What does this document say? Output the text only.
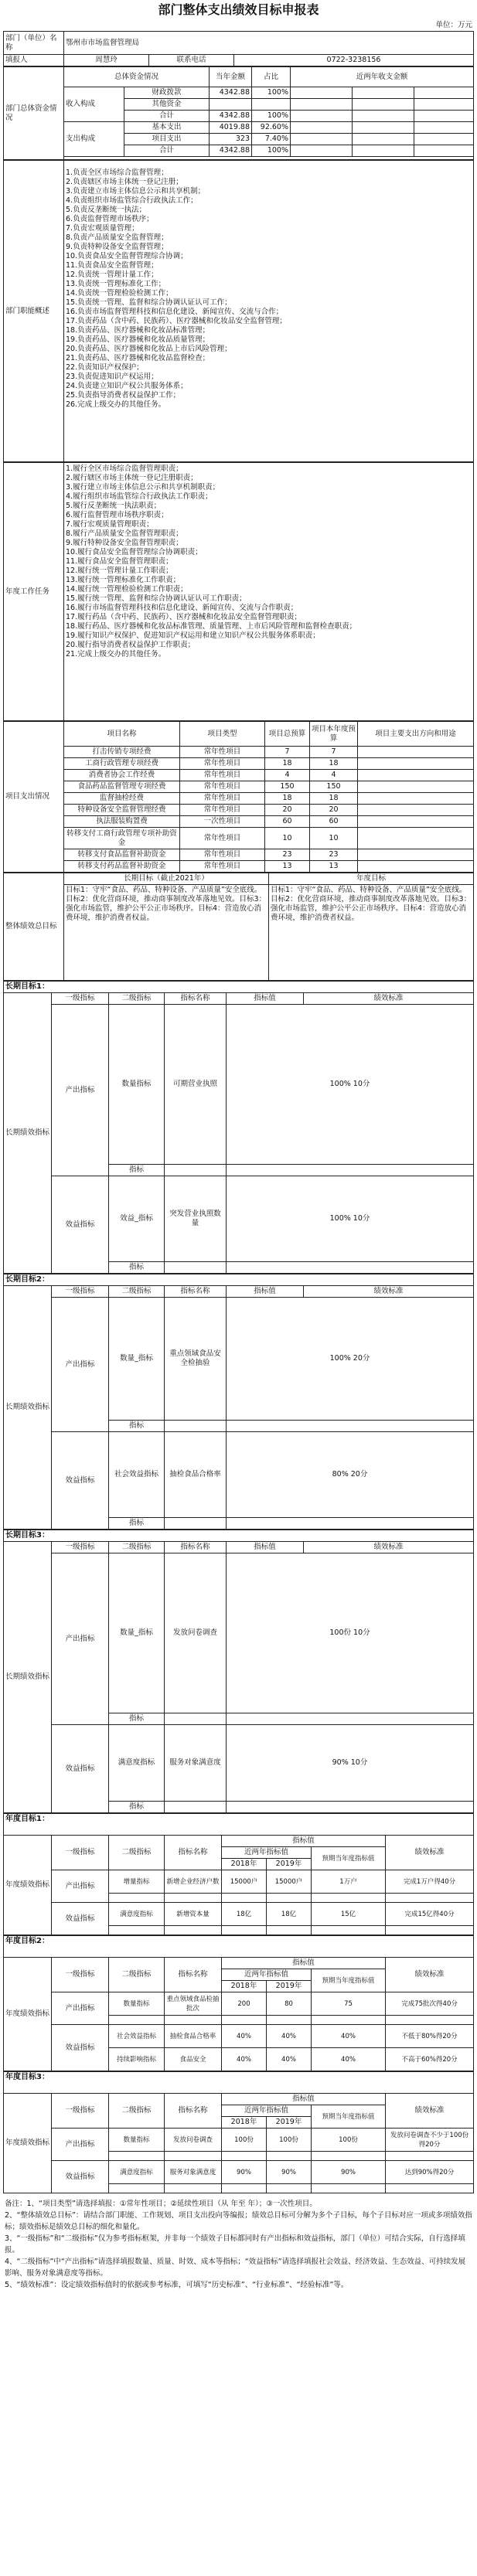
部门整体支出绩效目标申报表
单位：万元
部门（单位）名称	鄂州市市场监督管理局		
填报人	周慧玲	联系电话	0722-3238156
部门总体资金情况	总体资金情况		当年金额	占比	近两年收支金额		
	收入构成	财政拨款	4342.88	100%			
		其他资金					
		合计	4342.88	100%			
	支出构成	基本支出	4019.88	92.60%			
		项目支出	323	7.40%			
		合计	4342.88	100%			

部门职能概述	
1.负责全区市场综合监督管理；
2.负责辖区市场主体统一登记注册；
3.负责建立市场主体信息公示和共享机制；
4.负责组织市场监管综合行政执法工作；
5.负责反垄断统一执法；
6.负责监督管理市场秩序；
7.负责宏观质量管理；
8.负责产品质量安全监督管理；
9.负责特种设备安全监督管理；
10.负责食品安全监督管理综合协调；
11.负责食品安全监督管理；
12.负责统一管理计量工作；
13.负责统一管理标准化工作；
14.负责统一管理检验检测工作；
15.负责统一管理、监督和综合协调认证认可工作；
16.负责市场监督管理科技和信息化建设、新闻宣传、交流与合作；
17.负责药品（含中药、民族药）、医疗器械和化妆品安全监督管理；
18.负责药品、医疗器械和化妆品标准管理；
19.负责药品、医疗器械和化妆品质量管理；
20.负责药品、医疗器械和化妆品上市后风险管理；
21.负责药品、医疗器械和化妆品监督检查；
22.负责知识产权保护；
23.负责促进知识产权运用；
24.负责建立知识产权公共服务体系；
25.负责指导消费者权益保护工作；
26.完成上级交办的其他任务。
年度工作任务	
1.履行全区市场综合监督管理职责；
2.履行辖区市场主体统一登记注册职责；
3.履行建立市场主体信息公示和共享机制职责；
4.履行组织市场监管综合行政执法工作职责；
5.履行反垄断统一执法职责；
6.履行监督管理市场秩序职责；
7.履行宏观质量管理职责；
8.履行产品质量安全监督管理职责；
9.履行特种设备安全监督管理职责；
10.履行食品安全监督管理综合协调职责；
11.履行食品安全监督管理职责；
12.履行统一管理计量工作职责；
13.履行统一管理标准化工作职责；
14.履行统一管理检验检测工作职责；
15.履行统一管理、监督和综合协调认证认可工作职责；
16.履行市场监督管理科技和信息化建设、新闻宣传、交流与合作职责；
17.履行药品（含中药、民族药）、医疗器械和化妆品安全监督管理职责；
18.履行药品、医疗器械和化妆品标准管理、质量管理、上市后风险管理和监督检查职责；
19.履行知识产权保护、促进知识产权运用和建立知识产权公共服务体系职责；
20.履行指导消费者权益保护工作职责；
21.完成上级交办的其他任务。
项目支出情况	项目名称	项目类型	项目总预算	项目本年度预算	项目主要支出方向和用途
	打击传销专项经费	常年性项目	7	7	
	工商行政管理专项经费	常年性项目	18	18	
	消费者协会工作经费	常年性项目	4	4	
	食品药品监督管理专项经费	常年性项目	150	150	
	监督抽检经费	常年性项目	18	18	
	特种设备安全监督管理经费	常年性项目	20	20	
	执法服装购置费	一次性项目	60	60	
	转移支付工商行政管理专项补助资金	常年性项目	10	10	
	转移支付食品监督补助资金	常年性项目	23	23	
	转移支付药品监督补助资金	常年性项目	13	13	
整体绩效总目标	长期目标（截止2021年）	年度目标
	目标1：守牢“食品、药品、特种设备、产品质量”安全底线。目标2：优化营商环境，推动商事制度改革落地见效。目标3：强化市场监管，维护公平公正市场秩序。目标4：营造放心消费环境，维护消费者权益。	目标1：守牢“食品、药品、特种设备、产品质量”安全底线。目标2：优化营商环境，推动商事制度改革落地见效。目标3：强化市场监管，维护公平公正市场秩序。目标4：营造放心消费环境，维护消费者权益。
长期目标1：						
长期绩效指标	一级指标	二级指标	指标名称	指标值	绩效标准	
	产出指标	数量指标	可期营业执照	100% 10分	
		指标				
	效益指标	效益_指标	突发营业执照数量	100% 10分	
		指标				
长期目标2：						
长期绩效指标	一级指标	二级指标	指标名称	指标值	绩效标准	
	产出指标	数量_指标	重点领域食品安全检抽验	100% 20分	
		指标				
	效益指标	社会效益指标	抽检食品合格率	80% 20分	
		指标				
长期目标3：						
长期绩效指标	一级指标	二级指标	指标名称	指标值	绩效标准	
	产出指标	数量_指标	发放问卷调查	100份 10分	
		指标				
	效益指标	满意度指标	服务对象满意度	90% 10分	
		指标				
年度目标1：							
年度绩效指标	一级指标	二级指标	指标名称	指标值			绩效标准
				近两年指标值		预期当年度指标值	
				2018年	2019年		
	产出指标	增量指标	新增企业经济户数	15000户	15000户	1万户	完成1万户得40分

	效益指标	满意度指标	新增资本量	18亿	18亿	15亿	完成15亿得40分

年度目标2：							
年度绩效指标	一级指标	二级指标	指标名称	指标值			绩效标准
				近两年指标值		预期当年度指标值	
				2018年	2019年		
	产出指标	数量指标	重点领域食品检抽批次	200	80	75	完成75批次得40分

	效益指标	社会效益指标	抽检食品合格率	40%	40%	40%	不低于80%得20分
		持续影响指标	食品安全	40%	40%	40%	不高于60%得20分
年度目标3：							
年度绩效指标	一级指标	二级指标	指标名称	指标值			绩效标准
				近两年指标值		预期当年度指标值	
				2018年	2019年		
	产出指标	数量指标	发放问卷调查	100份	100份	100份	发放问卷调查不少于100份得20分

	效益指标	满意度指标	服务对象满意度	90%	90%	90%	达到90%得20分

备注：1、“项目类型”请选择填报：①常年性项目；②延续性项目（从 年至 年）；③一次性项目。
2、“整体绩效总目标”：请结合部门职能、工作规划、项目支出投向等编报；绩效总目标可分解为多个子目标，每个子目标对应一项或多项绩效指标；绩效指标是绩效总目标的细化和量化。
3、“一级指标”和“二级指标”仅为参考指标框架，并非每一个绩效子目标都同时有产出指标和效益指标，部门（单位）可结合实际，自行选择填报。
4、“二级指标”中“产出指标”请选择填报数量、质量、时效、成本等指标；“效益指标”请选择填报社会效益、经济效益、生态效益、可持续发展影响、服务对象满意度等指标。
5、“绩效标准”：设定绩效指标值时的依据或参考标准，可填写“历史标准”、“行业标准”、“经验标准”等。
